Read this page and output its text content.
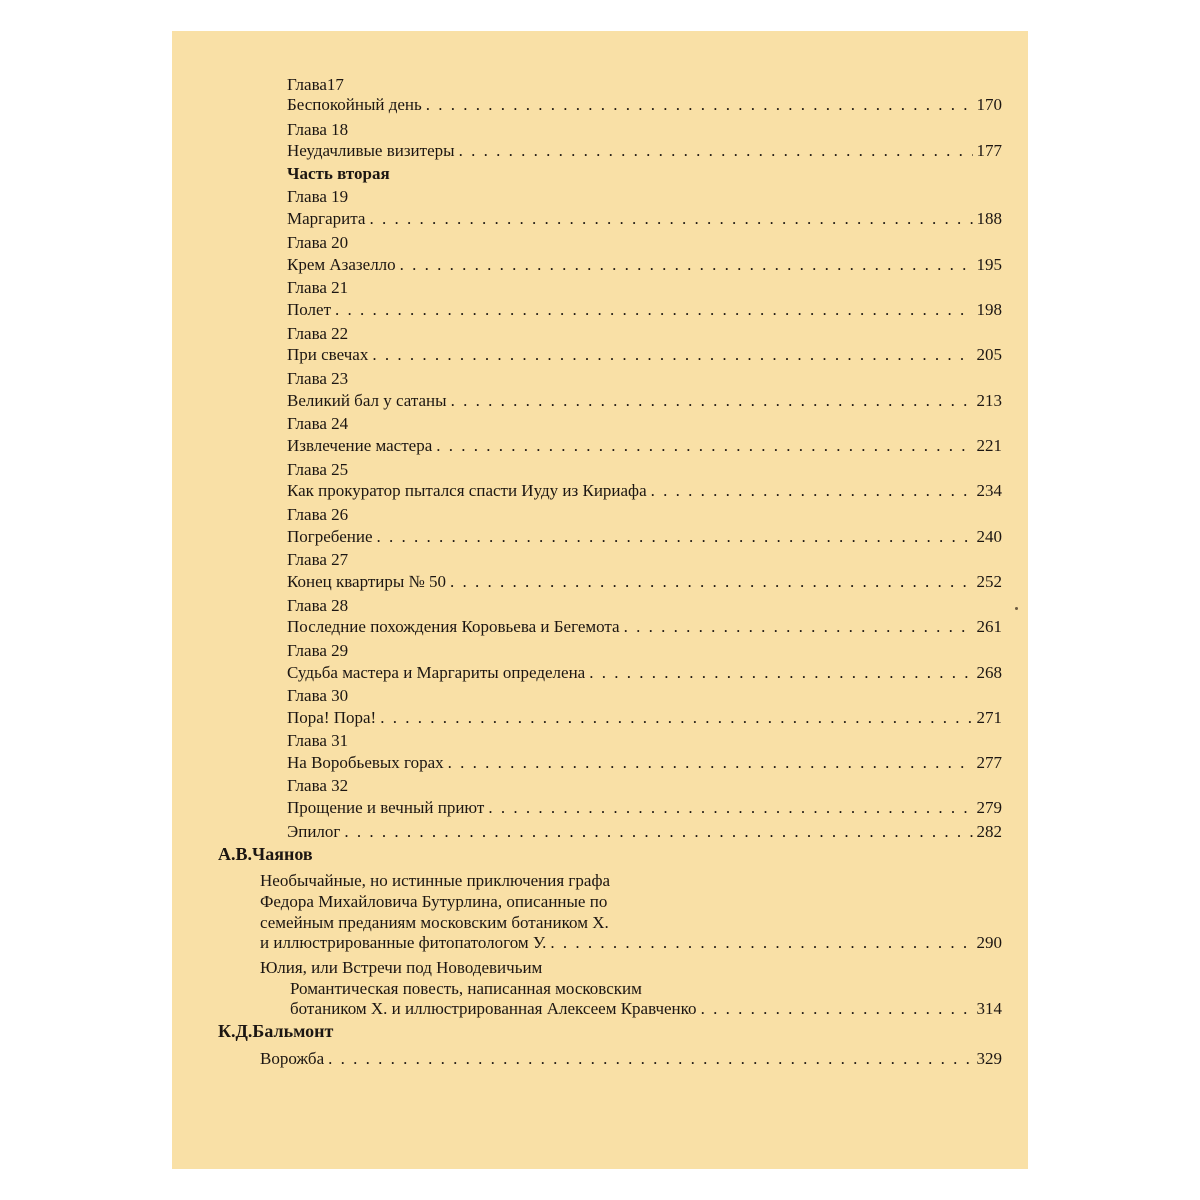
Глава17
Беспокойный день . . .	170
Глава 18
Неудачливые визитеры . . .	177
Часть вторая
Глава 19
Маргарита . . .	188
Глава 20
Крем Азазелло . . .	195
Глава 21
Полет . . .	198
Глава 22
При свечах . . .	205
Глава 23
Великий бал у сатаны . . .	213
Глава 24
Извлечение мастера . . .	221
Глава 25
Как прокуратор пытался спасти Иуду из Кириафа . . .	234
Глава 26
Погребение . . .	240
Глава 27
Конец квартиры № 50 . . .	252
Глава 28
Последние похождения Коровьева и Бегемота . . .	261
Глава 29
Судьба мастера и Маргариты определена . . .	268
Глава 30
Пора! Пора! . . .	271
Глава 31
На Воробьевых горах . . .	277
Глава 32
Прощение и вечный приют . . .	279
Эпилог . . .	282
А.В.Чаянов
Необычайные, но истинные приключения графа
Федора Михайловича Бутурлина, описанные по
семейным преданиям московским ботаником Х.
и иллюстрированные фитопатологом У. . . .	290
Юлия, или Встречи под Новодевичьим
Романтическая повесть, написанная московским
ботаником Х. и иллюстрированная Алексеем Кравченко . . .	314
К.Д.Бальмонт
Ворожба . . .	329
